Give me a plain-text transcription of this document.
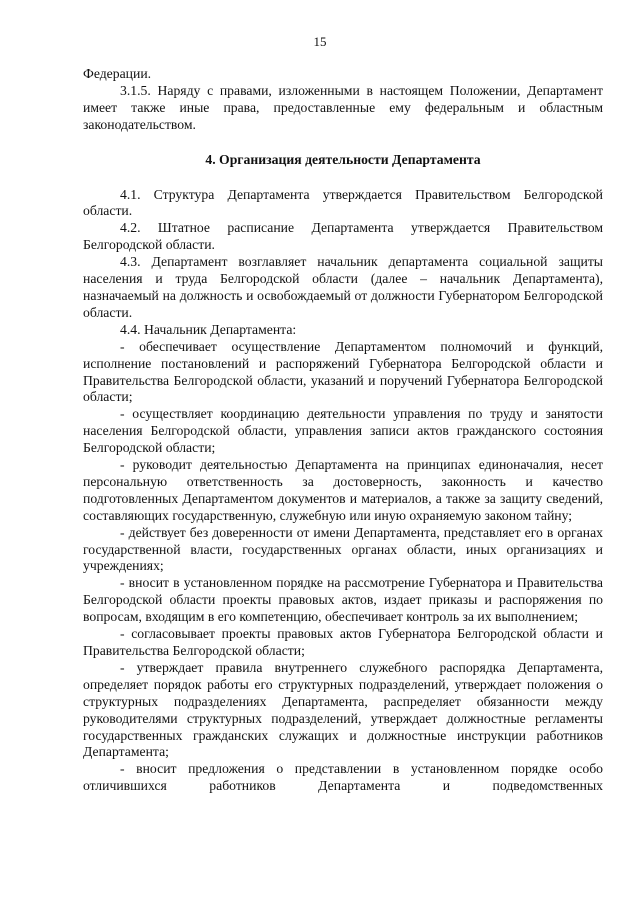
15

Федерации.

3.1.5. Наряду с правами, изложенными в настоящем Положении, Департамент имеет также иные права, предоставленные ему федеральным и областным законодательством.

4. Организация деятельности Департамента

4.1. Структура Департамента утверждается Правительством Белгородской области.

4.2. Штатное расписание Департамента утверждается Правительством Белгородской области.

4.3. Департамент возглавляет начальник департамента социальной защиты населения и труда Белгородской области (далее – начальник Департамента), назначаемый на должность и освобождаемый от должности Губернатором Белгородской области.

4.4. Начальник Департамента:

- обеспечивает осуществление Департаментом полномочий и функций, исполнение постановлений и распоряжений Губернатора Белгородской области и Правительства Белгородской области, указаний и поручений Губернатора Белгородской области;

- осуществляет координацию деятельности управления по труду и занятости населения Белгородской области, управления записи актов гражданского состояния Белгородской области;

- руководит деятельностью Департамента на принципах единоначалия, несет персональную ответственность за достоверность, законность и качество подготовленных Департаментом документов и материалов, а также за защиту сведений, составляющих государственную, служебную или иную охраняемую законом тайну;

- действует без доверенности от имени Департамента, представляет его в органах государственной власти, государственных органах области, иных организациях и учреждениях;

- вносит в установленном порядке на рассмотрение Губернатора и Правительства Белгородской области проекты правовых актов, издает приказы и распоряжения по вопросам, входящим в его компетенцию, обеспечивает контроль за их выполнением;

- согласовывает проекты правовых актов Губернатора Белгородской области и Правительства Белгородской области;

- утверждает правила внутреннего служебного распорядка Департамента, определяет порядок работы его структурных подразделений, утверждает положения о структурных подразделениях Департамента, распределяет обязанности между руководителями структурных подразделений, утверждает должностные регламенты государственных гражданских служащих и должностные инструкции работников Департамента;

- вносит предложения о представлении в установленном порядке особо отличившихся работников Департамента и подведомственных
